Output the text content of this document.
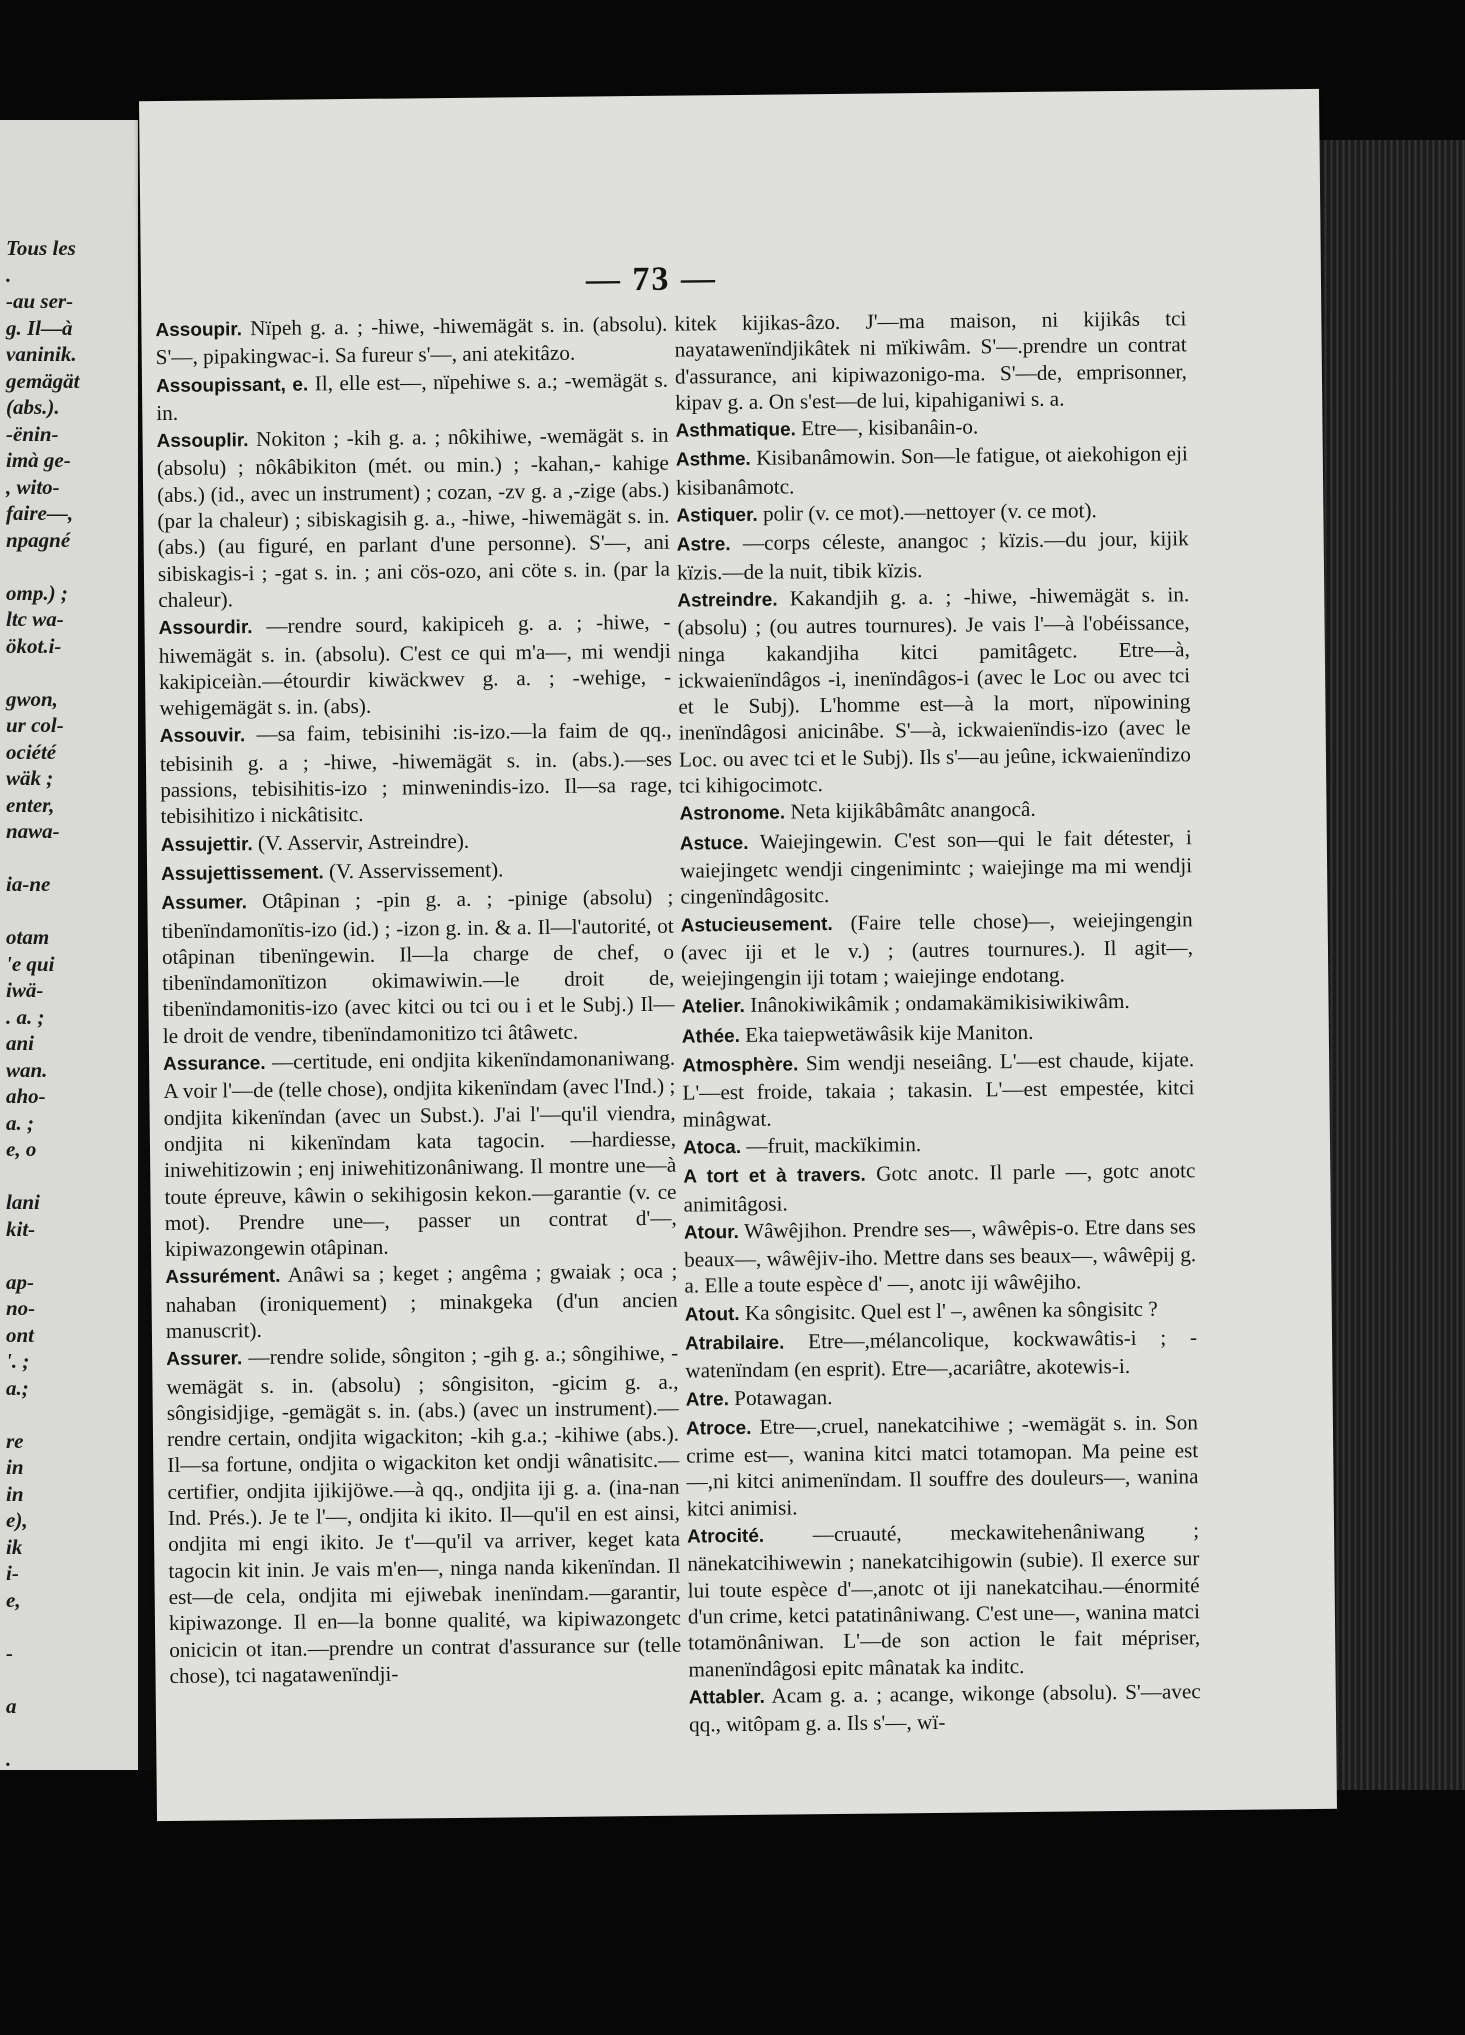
Tous les
.
-au ser-
g. Il—à
vaninik.
gemägät
(abs.).
-ënin-
imà ge-
, wito-
faire—,
npagné

omp.) ;
ltc wa-
ökot.i-

gwon,
ur col-
ociété
wäk ;
enter,
nawa-

ia-ne

otam
'e qui
iwä-
. a. ;
ani
wan.
aho-
a. ;
e, o

lani
kit-

ap-
no-
ont
'. ;
a.;

re
in
in
e),
ik
i-
e,

-

a

.
— 73 —
Assoupir. Nïpeh g. a. ; -hiwe, -hiwemägät s. in. (absolu). S'—, pipakingwac-i. Sa fureur s'—, ani atekitâzo.
Assoupissant, e. Il, elle est—, nïpehiwe s. a.; -wemägät s. in.
Assouplir. Nokiton ; -kih g. a. ; nôkihiwe, -wemägät s. in (absolu) ; nôkâbikiton (mét. ou min.) ; -kahan,- kahige (abs.) (id., avec un instrument) ; cozan, -zv g. a ,-zige (abs.) (par la chaleur) ; sibiskagisih g. a., -hiwe, -hiwemägät s. in. (abs.) (au figuré, en parlant d'une personne). S'—, ani sibiskagis-i ; -gat s. in. ; ani cös-ozo, ani cöte s. in. (par la chaleur).
Assourdir. —rendre sourd, kakipiceh g. a. ; -hiwe, -hiwemägät s. in. (absolu). C'est ce qui m'a—, mi wendji kakipiceiàn.—étourdir kiwäckwev g. a. ; -wehige, -wehigemägät s. in. (abs).
Assouvir. —sa faim, tebisinihi :is-izo.—la faim de qq., tebisinih g. a ; -hiwe, -hiwemägät s. in. (abs.).—ses passions, tebisihitis-izo ; minwenindis-izo. Il—sa rage, tebisihitizo i nickâtisitc.
Assujettir. (V. Asservir, Astreindre).
Assujettissement. (V. Asservissement).
Assumer. Otâpinan ; -pin g. a. ; -pinige (absolu) ; tibenïndamonïtis-izo (id.) ; -izon g. in. & a. Il—l'autorité, ot otâpinan tibenïngewin. Il—la charge de chef, o tibenïndamonïtizon okimawiwin.—le droit de, tibenïndamonitis-izo (avec kitci ou tci ou i et le Subj.) Il—le droit de vendre, tibenïndamonitizo tci âtâwetc.
Assurance. —certitude, eni ondjita kikenïndamonaniwang. A voir l'—de (telle chose), ondjita kikenïndam (avec l'Ind.) ; ondjita kikenïndan (avec un Subst.). J'ai l'—qu'il viendra, ondjita ni kikenïndam kata tagocin. —hardiesse, iniwehitizowin ; enj iniwehitizonâniwang. Il montre une—à toute épreuve, kâwin o sekihigosin kekon.—garantie (v. ce mot). Prendre une—, passer un contrat d'—, kipiwazongewin otâpinan.
Assurément. Anâwi sa ; keget ; angêma ; gwaiak ; oca ; nahaban (ironiquement) ; minakgeka (d'un ancien manuscrit).
Assurer. —rendre solide, sôngiton ; -gih g. a.; sôngihiwe, -wemägät s. in. (absolu) ; sôngisiton, -gicim g. a., sôngisidjige, -gemägät s. in. (abs.) (avec un instrument).—rendre certain, ondjita wigackiton; -kih g.a.; -kihiwe (abs.). Il—sa fortune, ondjita o wigackiton ket ondji wânatisitc.—certifier, ondjita ijikijöwe.—à qq., ondjita iji g. a. (ina-nan Ind. Prés.). Je te l'—, ondjita ki ikito. Il—qu'il en est ainsi, ondjita mi engi ikito. Je t'—qu'il va arriver, keget kata tagocin kit inin. Je vais m'en—, ninga nanda kikenïndan. Il est—de cela, ondjita mi ejiwebak inenïndam.—garantir, kipiwazonge. Il en—la bonne qualité, wa kipiwazongetc onicicin ot itan.—prendre un contrat d'assurance sur (telle chose), tci nagatawenïndji-
kitek kijikas-âzo. J'—ma maison, ni kijikâs tci nayatawenïndjikâtek ni mïkiwâm. S'—.prendre un contrat d'assurance, ani kipiwazonigo-ma. S'—de, emprisonner, kipav g. a. On s'est—de lui, kipahiganiwi s. a.
Asthmatique. Etre—, kisibanâin-o.
Asthme. Kisibanâmowin. Son—le fatigue, ot aiekohigon eji kisibanâmotc.
Astiquer. polir (v. ce mot).—nettoyer (v. ce mot).
Astre. —corps céleste, anangoc ; kïzis.—du jour, kijik kïzis.—de la nuit, tibik kïzis.
Astreindre. Kakandjih g. a. ; -hiwe, -hiwemägät s. in. (absolu) ; (ou autres tournures). Je vais l'—à l'obéissance, ninga kakandjiha kitci pamitâgetc. Etre—à, ickwaienïndâgos -i, inenïndâgos-i (avec le Loc ou avec tci et le Subj). L'homme est—à la mort, nïpowining inenïndâgosi anicinâbe. S'—à, ickwaienïndis-izo (avec le Loc. ou avec tci et le Subj). Ils s'—au jeûne, ickwaienïndizo tci kihigocimotc.
Astronome. Neta kijikâbâmâtc anangocâ.
Astuce. Waiejingewin. C'est son—qui le fait détester, i waiejingetc wendji cingenimintc ; waiejinge ma mi wendji cingenïndâgositc.
Astucieusement. (Faire telle chose)—, weiejingengin (avec iji et le v.) ; (autres tournures.). Il agit—, weiejingengin iji totam ; waiejinge endotang.
Atelier. Inânokiwikâmik ; ondamakämikisiwikiwâm.
Athée. Eka taiepwetäwâsik kije Maniton.
Atmosphère. Sim wendji neseiâng. L'—est chaude, kijate. L'—est froide, takaia ; takasin. L'—est empestée, kitci minâgwat.
Atoca. —fruit, mackïkimin.
A tort et à travers. Gotc anotc. Il parle —, gotc anotc animitâgosi.
Atour. Wâwêjihon. Prendre ses—, wâwêpis-o. Etre dans ses beaux—, wâwêjiv-iho. Mettre dans ses beaux—, wâwêpij g. a. Elle a toute espèce d' —, anotc iji wâwêjiho.
Atout. Ka sôngisitc. Quel est l' –, awênen ka sôngisitc ?
Atrabilaire. Etre—,mélancolique, kockwawâtis-i ; -watenïndam (en esprit). Etre—,acariâtre, akotewis-i.
Atre. Potawagan.
Atroce. Etre—,cruel, nanekatcihiwe ; -wemägät s. in. Son crime est—, wanina kitci matci totamopan. Ma peine est—,ni kitci animenïndam. Il souffre des douleurs—, wanina kitci animisi.
Atrocité. —cruauté, meckawitehenâniwang ; nänekatcihiwewin ; nanekatcihigowin (subie). Il exerce sur lui toute espèce d'—,anotc ot iji nanekatcihau.—énormité d'un crime, ketci patatinâniwang. C'est une—, wanina matci totamönâniwan. L'—de son action le fait mépriser, manenïndâgosi epitc mânatak ka inditc.
Attabler. Acam g. a. ; acange, wikonge (absolu). S'—avec qq., witôpam g. a. Ils s'—, wï-
